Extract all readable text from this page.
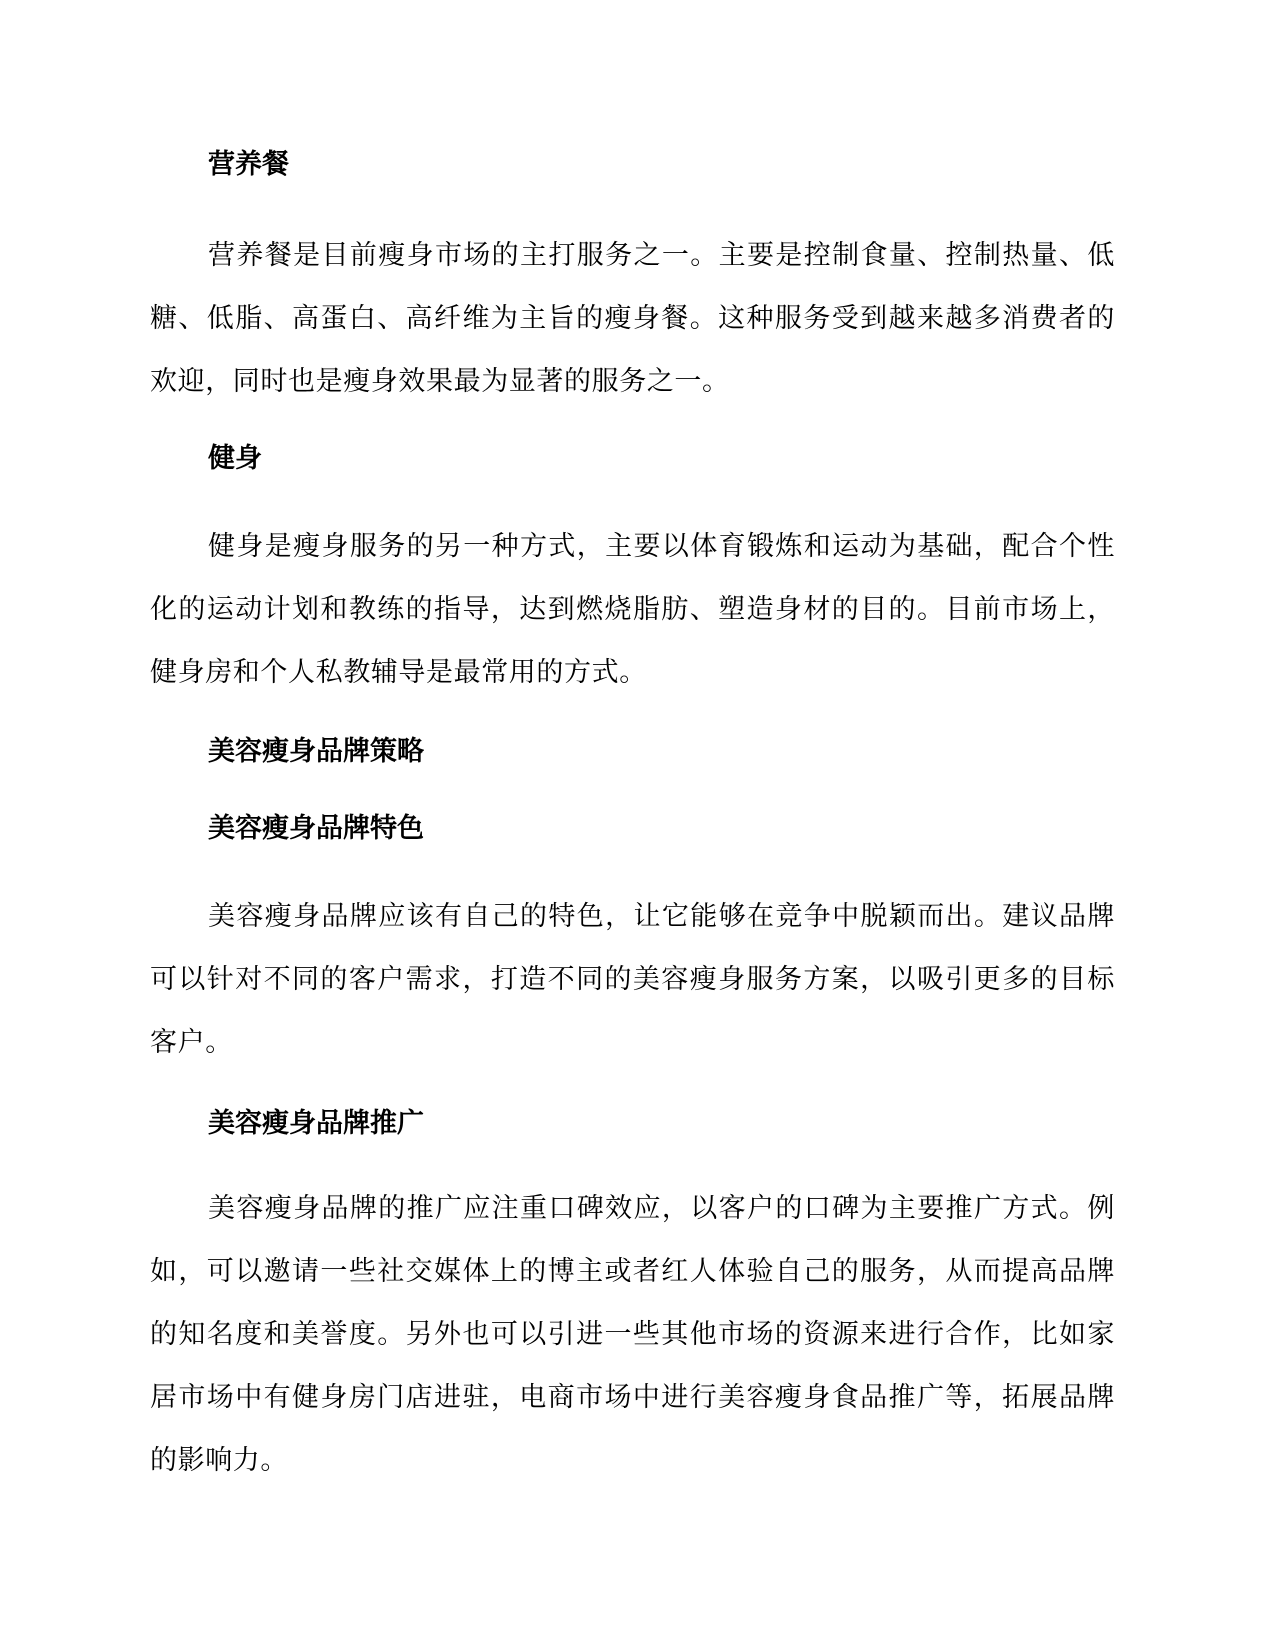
营养餐

营养餐是目前瘦身市场的主打服务之一。主要是控制食量、控制热量、低糖、低脂、高蛋白、高纤维为主旨的瘦身餐。这种服务受到越来越多消费者的欢迎，同时也是瘦身效果最为显著的服务之一。

健身

健身是瘦身服务的另一种方式，主要以体育锻炼和运动为基础，配合个性化的运动计划和教练的指导，达到燃烧脂肪、塑造身材的目的。目前市场上，健身房和个人私教辅导是最常用的方式。

美容瘦身品牌策略
美容瘦身品牌特色

美容瘦身品牌应该有自己的特色，让它能够在竞争中脱颖而出。建议品牌可以针对不同的客户需求，打造不同的美容瘦身服务方案，以吸引更多的目标客户。

美容瘦身品牌推广

美容瘦身品牌的推广应注重口碑效应，以客户的口碑为主要推广方式。例如，可以邀请一些社交媒体上的博主或者红人体验自己的服务，从而提高品牌的知名度和美誉度。另外也可以引进一些其他市场的资源来进行合作，比如家居市场中有健身房门店进驻，电商市场中进行美容瘦身食品推广等，拓展品牌的影响力。
